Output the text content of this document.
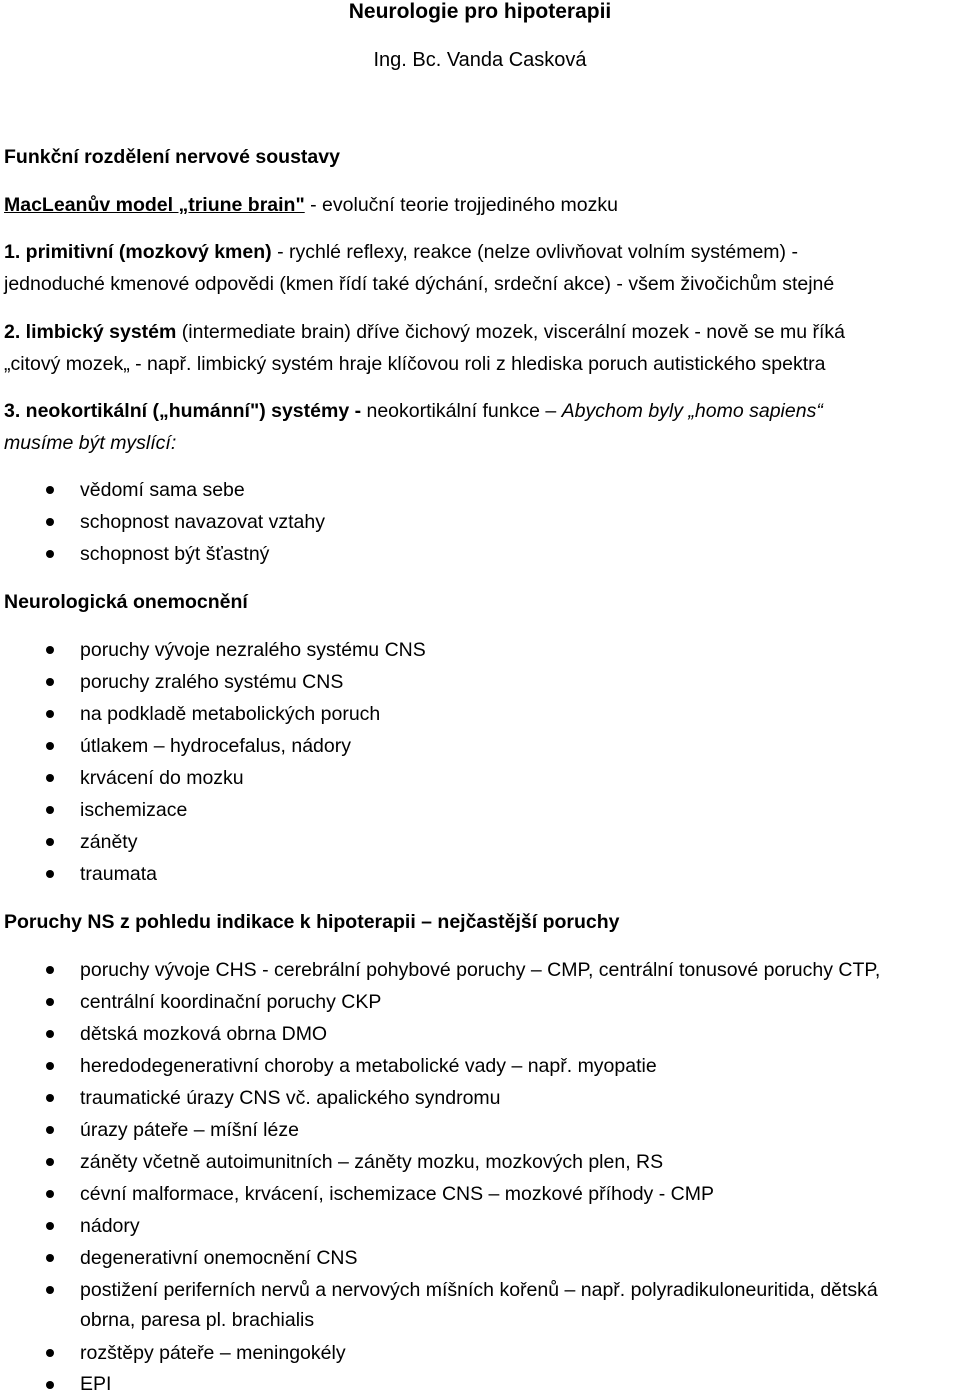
Neurologie pro hipoterapii

Ing. Bc. Vanda Casková

Funkční rozdělení nervové soustavy

MacLeanův model „triune brain" - evoluční teorie trojjediného mozku

1. primitivní (mozkový kmen) - rychlé reflexy, reakce (nelze ovlivňovat volním systémem) -

jednoduché kmenové odpovědi (kmen řídí také dýchání, srdeční akce) - všem živočichům stejné

2. limbický systém (intermediate brain) dříve čichový mozek, viscerální mozek - nově se mu říká

„citový mozek„ - např. limbický systém hraje klíčovou roli z hlediska poruch autistického spektra

3. neokortikální („humánní") systémy - neokortikální funkce – Abychom byly „homo sapiens“

musíme být myslící:

vědomí sama sebe

schopnost navazovat vztahy

schopnost být šťastný

Neurologická onemocnění

poruchy vývoje nezralého systému CNS

poruchy zralého systému CNS

na podkladě metabolických poruch

útlakem – hydrocefalus, nádory

krvácení do mozku

ischemizace

záněty

traumata

Poruchy NS z pohledu indikace k hipoterapii – nejčastější poruchy

poruchy vývoje CHS - cerebrální pohybové poruchy – CMP, centrální tonusové poruchy CTP,

centrální koordinační poruchy CKP

dětská mozková obrna DMO

heredodegenerativní choroby a metabolické vady – např. myopatie

traumatické úrazy CNS vč. apalického syndromu

úrazy páteře – míšní léze

záněty včetně autoimunitních – záněty mozku, mozkových plen, RS

cévní malformace, krvácení, ischemizace CNS – mozkové příhody - CMP

nádory

degenerativní onemocnění CNS

postižení periferních nervů a nervových míšních kořenů – např. polyradikuloneuritida, dětská

obrna, paresa pl. brachialis

rozštěpy páteře – meningokély

EPI
